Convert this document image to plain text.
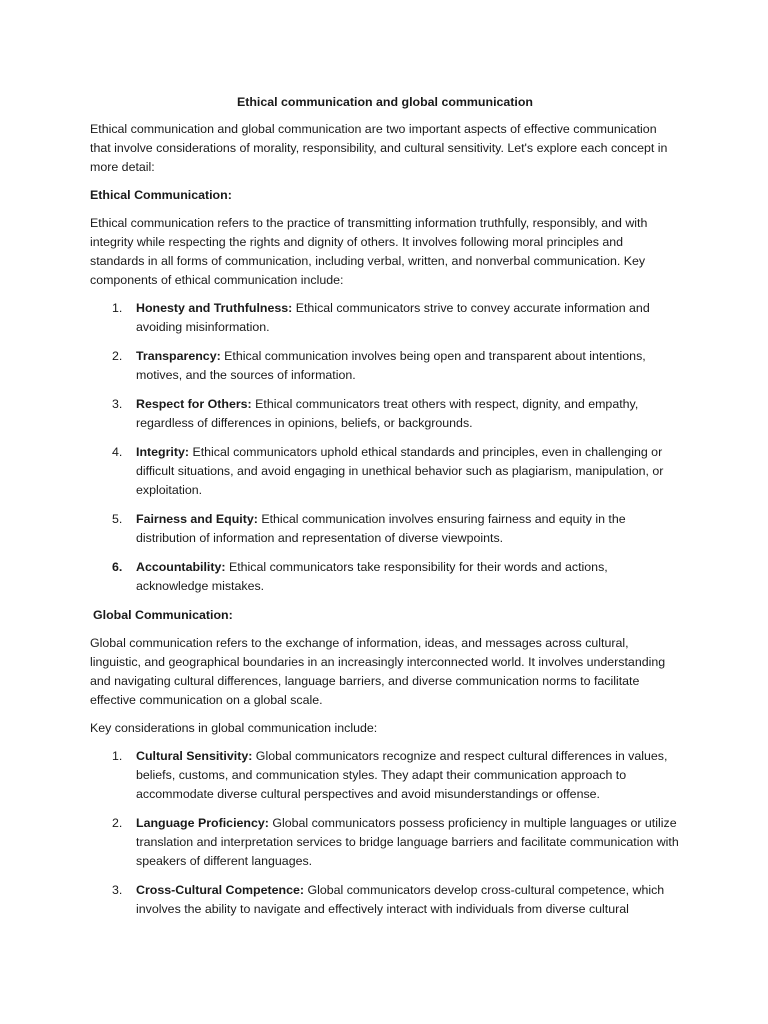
Ethical communication and global communication

Ethical communication and global communication are two important aspects of effective communication that involve considerations of morality, responsibility, and cultural sensitivity. Let's explore each concept in more detail:

Ethical Communication:

Ethical communication refers to the practice of transmitting information truthfully, responsibly, and with integrity while respecting the rights and dignity of others. It involves following moral principles and standards in all forms of communication, including verbal, written, and nonverbal communication. Key components of ethical communication include:

1. Honesty and Truthfulness: Ethical communicators strive to convey accurate information and avoiding misinformation.
2. Transparency: Ethical communication involves being open and transparent about intentions, motives, and the sources of information.
3. Respect for Others: Ethical communicators treat others with respect, dignity, and empathy, regardless of differences in opinions, beliefs, or backgrounds.
4. Integrity: Ethical communicators uphold ethical standards and principles, even in challenging or difficult situations, and avoid engaging in unethical behavior such as plagiarism, manipulation, or exploitation.
5. Fairness and Equity: Ethical communication involves ensuring fairness and equity in the distribution of information and representation of diverse viewpoints.
6. Accountability: Ethical communicators take responsibility for their words and actions, acknowledge mistakes.
Global Communication:

Global communication refers to the exchange of information, ideas, and messages across cultural, linguistic, and geographical boundaries in an increasingly interconnected world. It involves understanding and navigating cultural differences, language barriers, and diverse communication norms to facilitate effective communication on a global scale.

Key considerations in global communication include:

1. Cultural Sensitivity: Global communicators recognize and respect cultural differences in values, beliefs, customs, and communication styles. They adapt their communication approach to accommodate diverse cultural perspectives and avoid misunderstandings or offense.
2. Language Proficiency: Global communicators possess proficiency in multiple languages or utilize translation and interpretation services to bridge language barriers and facilitate communication with speakers of different languages.
3. Cross-Cultural Competence: Global communicators develop cross-cultural competence, which involves the ability to navigate and effectively interact with individuals from diverse cultural
